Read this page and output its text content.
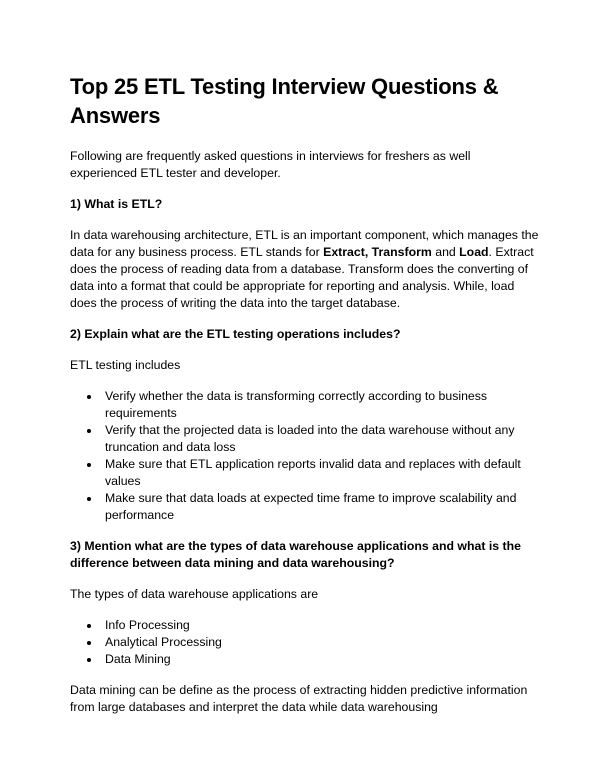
Top 25 ETL Testing Interview Questions & Answers

Following are frequently asked questions in interviews for freshers as well experienced ETL tester and developer.

1) What is ETL?

In data warehousing architecture, ETL is an important component, which manages the data for any business process. ETL stands for Extract, Transform and Load. Extract does the process of reading data from a database. Transform does the converting of data into a format that could be appropriate for reporting and analysis. While, load does the process of writing the data into the target database.

2) Explain what are the ETL testing operations includes?

ETL testing includes

Verify whether the data is transforming correctly according to business requirements
Verify that the projected data is loaded into the data warehouse without any truncation and data loss
Make sure that ETL application reports invalid data and replaces with default values
Make sure that data loads at expected time frame to improve scalability and performance

3) Mention what are the types of data warehouse applications and what is the difference between data mining and data warehousing?

The types of data warehouse applications are

Info Processing
Analytical Processing
Data Mining

Data mining can be define as the process of extracting hidden predictive information from large databases and interpret the data while data warehousing
